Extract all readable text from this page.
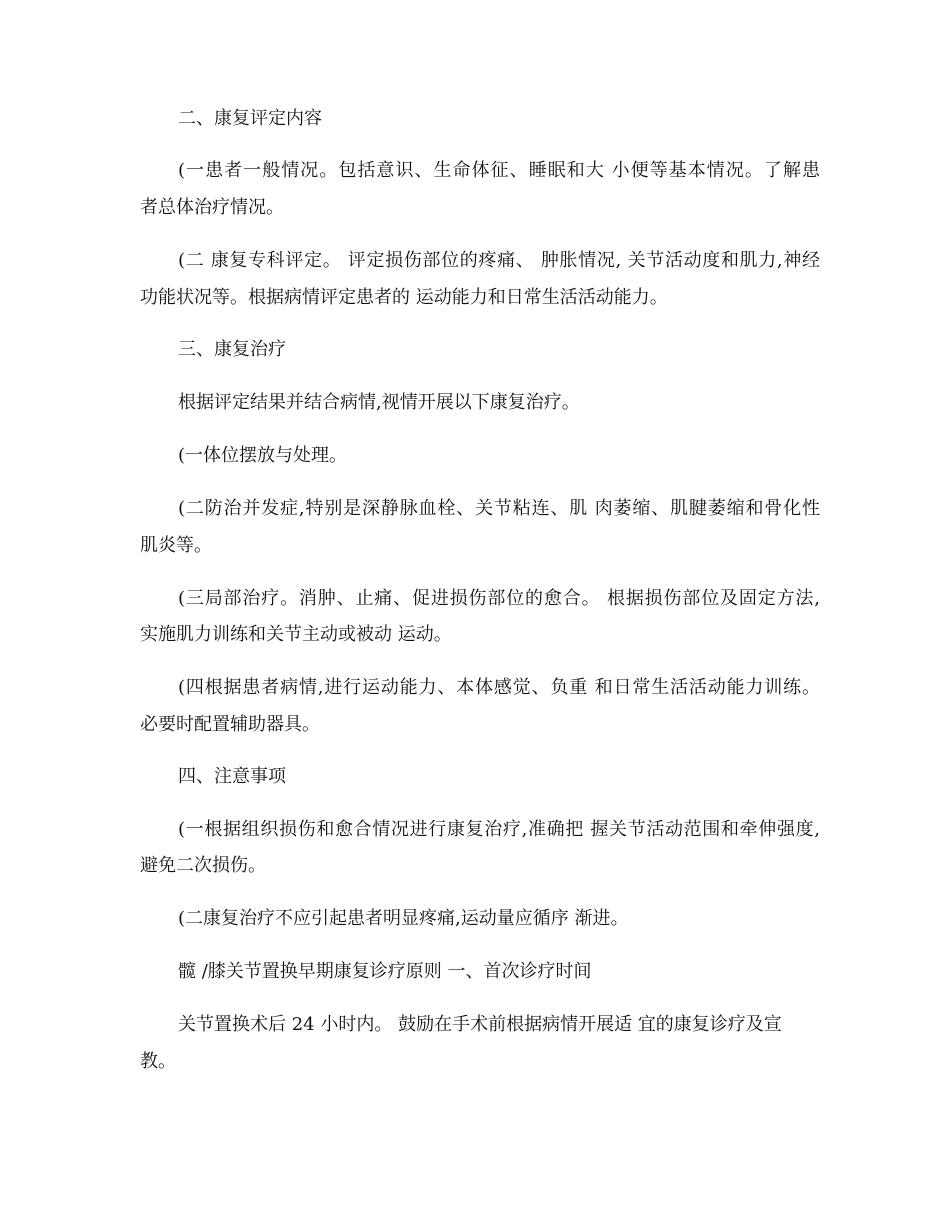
二、康复评定内容
(一患者一般情况。包括意识、生命体征、睡眠和大 小便等基本情况。了解患
者总体治疗情况。
(二 康复专科评定。 评定损伤部位的疼痛、 肿胀情况, 关节活动度和肌力,神经
功能状况等。根据病情评定患者的 运动能力和日常生活活动能力。
三、康复治疗
根据评定结果并结合病情,视情开展以下康复治疗。
(一体位摆放与处理。
(二防治并发症,特别是深静脉血栓、关节粘连、肌 肉萎缩、肌腱萎缩和骨化性
肌炎等。
(三局部治疗。消肿、止痛、促进损伤部位的愈合。 根据损伤部位及固定方法,
实施肌力训练和关节主动或被动 运动。
(四根据患者病情,进行运动能力、本体感觉、负重 和日常生活活动能力训练。
必要时配置辅助器具。
四、注意事项
(一根据组织损伤和愈合情况进行康复治疗,准确把 握关节活动范围和牵伸强度,
避免二次损伤。
(二康复治疗不应引起患者明显疼痛,运动量应循序 渐进。
髋 /膝关节置换早期康复诊疗原则 一、首次诊疗时间
关节置换术后 24 小时内。 鼓励在手术前根据病情开展适 宜的康复诊疗及宣
教。
